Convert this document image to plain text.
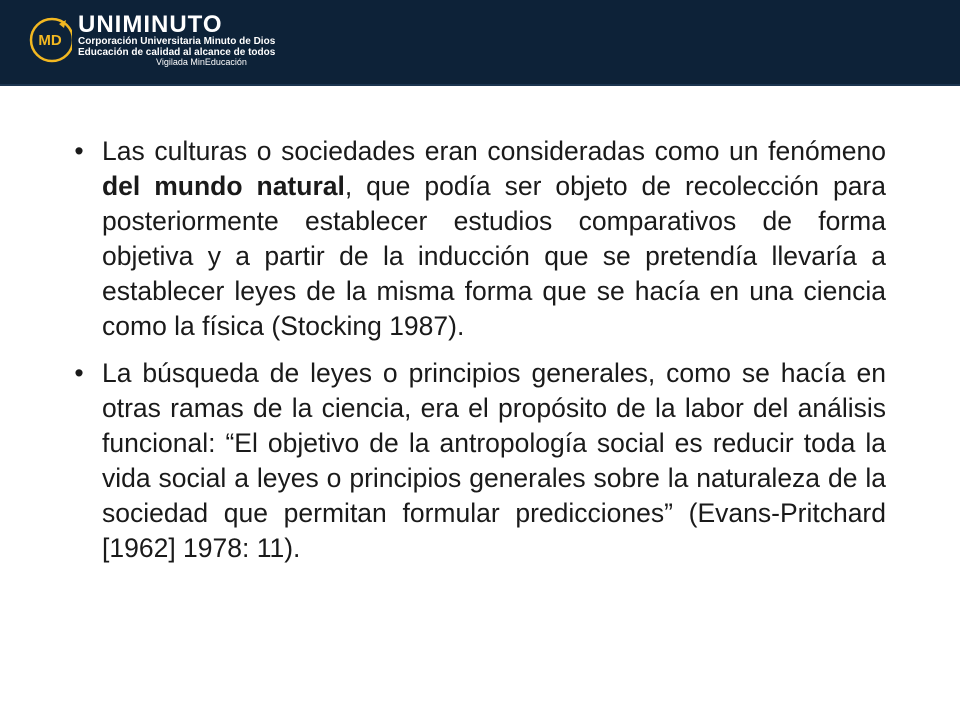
MD
UNIMINUTO
Corporación Universitaria Minuto de Dios
Educación de calidad al alcance de todos
Vigilada MinEducación

• Las culturas o sociedades eran consideradas como un fenómeno del mundo natural, que podía ser objeto de recolección para posteriormente establecer estudios comparativos de forma objetiva y a partir de la inducción que se pretendía llevaría a establecer leyes de la misma forma que se hacía en una ciencia como la física (Stocking 1987).

• La búsqueda de leyes o principios generales, como se hacía en otras ramas de la ciencia, era el propósito de la labor del análisis funcional: “El objetivo de la antropología social es reducir toda la vida social a leyes o principios generales sobre la naturaleza de la sociedad que permitan formular predicciones” (Evans-Pritchard [1962] 1978: 11).
